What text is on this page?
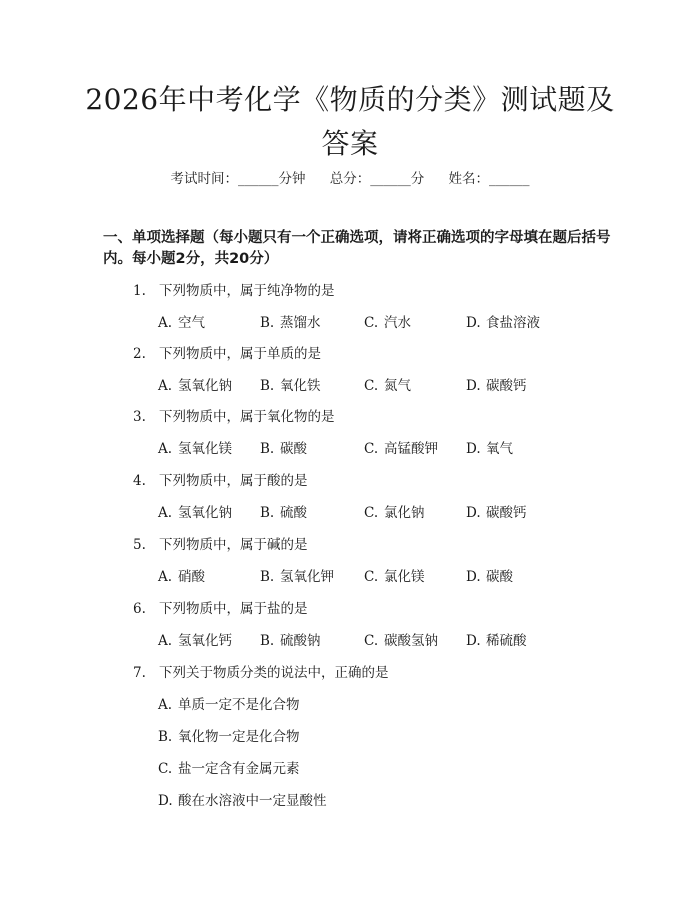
2026年中考化学《物质的分类》测试题及答案
考试时间：______分钟 总分：______分 姓名：______
一、单项选择题（每小题只有一个正确选项，请将正确选项的字母填在题后括号内。每小题2分，共20分）
1. 下列物质中，属于纯净物的是
A. 空气	B. 蒸馏水	C. 汽水	D. 食盐溶液
2. 下列物质中，属于单质的是
A. 氢氧化钠 B. 氧化铁	C. 氮气	D. 碳酸钙
3. 下列物质中，属于氧化物的是
A. 氢氧化镁 B. 碳酸	C. 高锰酸钾 D. 氧气
4. 下列物质中，属于酸的是
A. 氢氧化钠 B. 硫酸	C. 氯化钠	D. 碳酸钙
5. 下列物质中，属于碱的是
A. 硝酸	B. 氢氧化钾 C. 氯化镁	D. 碳酸
6. 下列物质中，属于盐的是
A. 氢氧化钙 B. 硫酸钠	C. 碳酸氢钠 D. 稀硫酸
7. 下列关于物质分类的说法中，正确的是
A. 单质一定不是化合物
B. 氧化物一定是化合物
C. 盐一定含有金属元素
D. 酸在水溶液中一定显酸性
